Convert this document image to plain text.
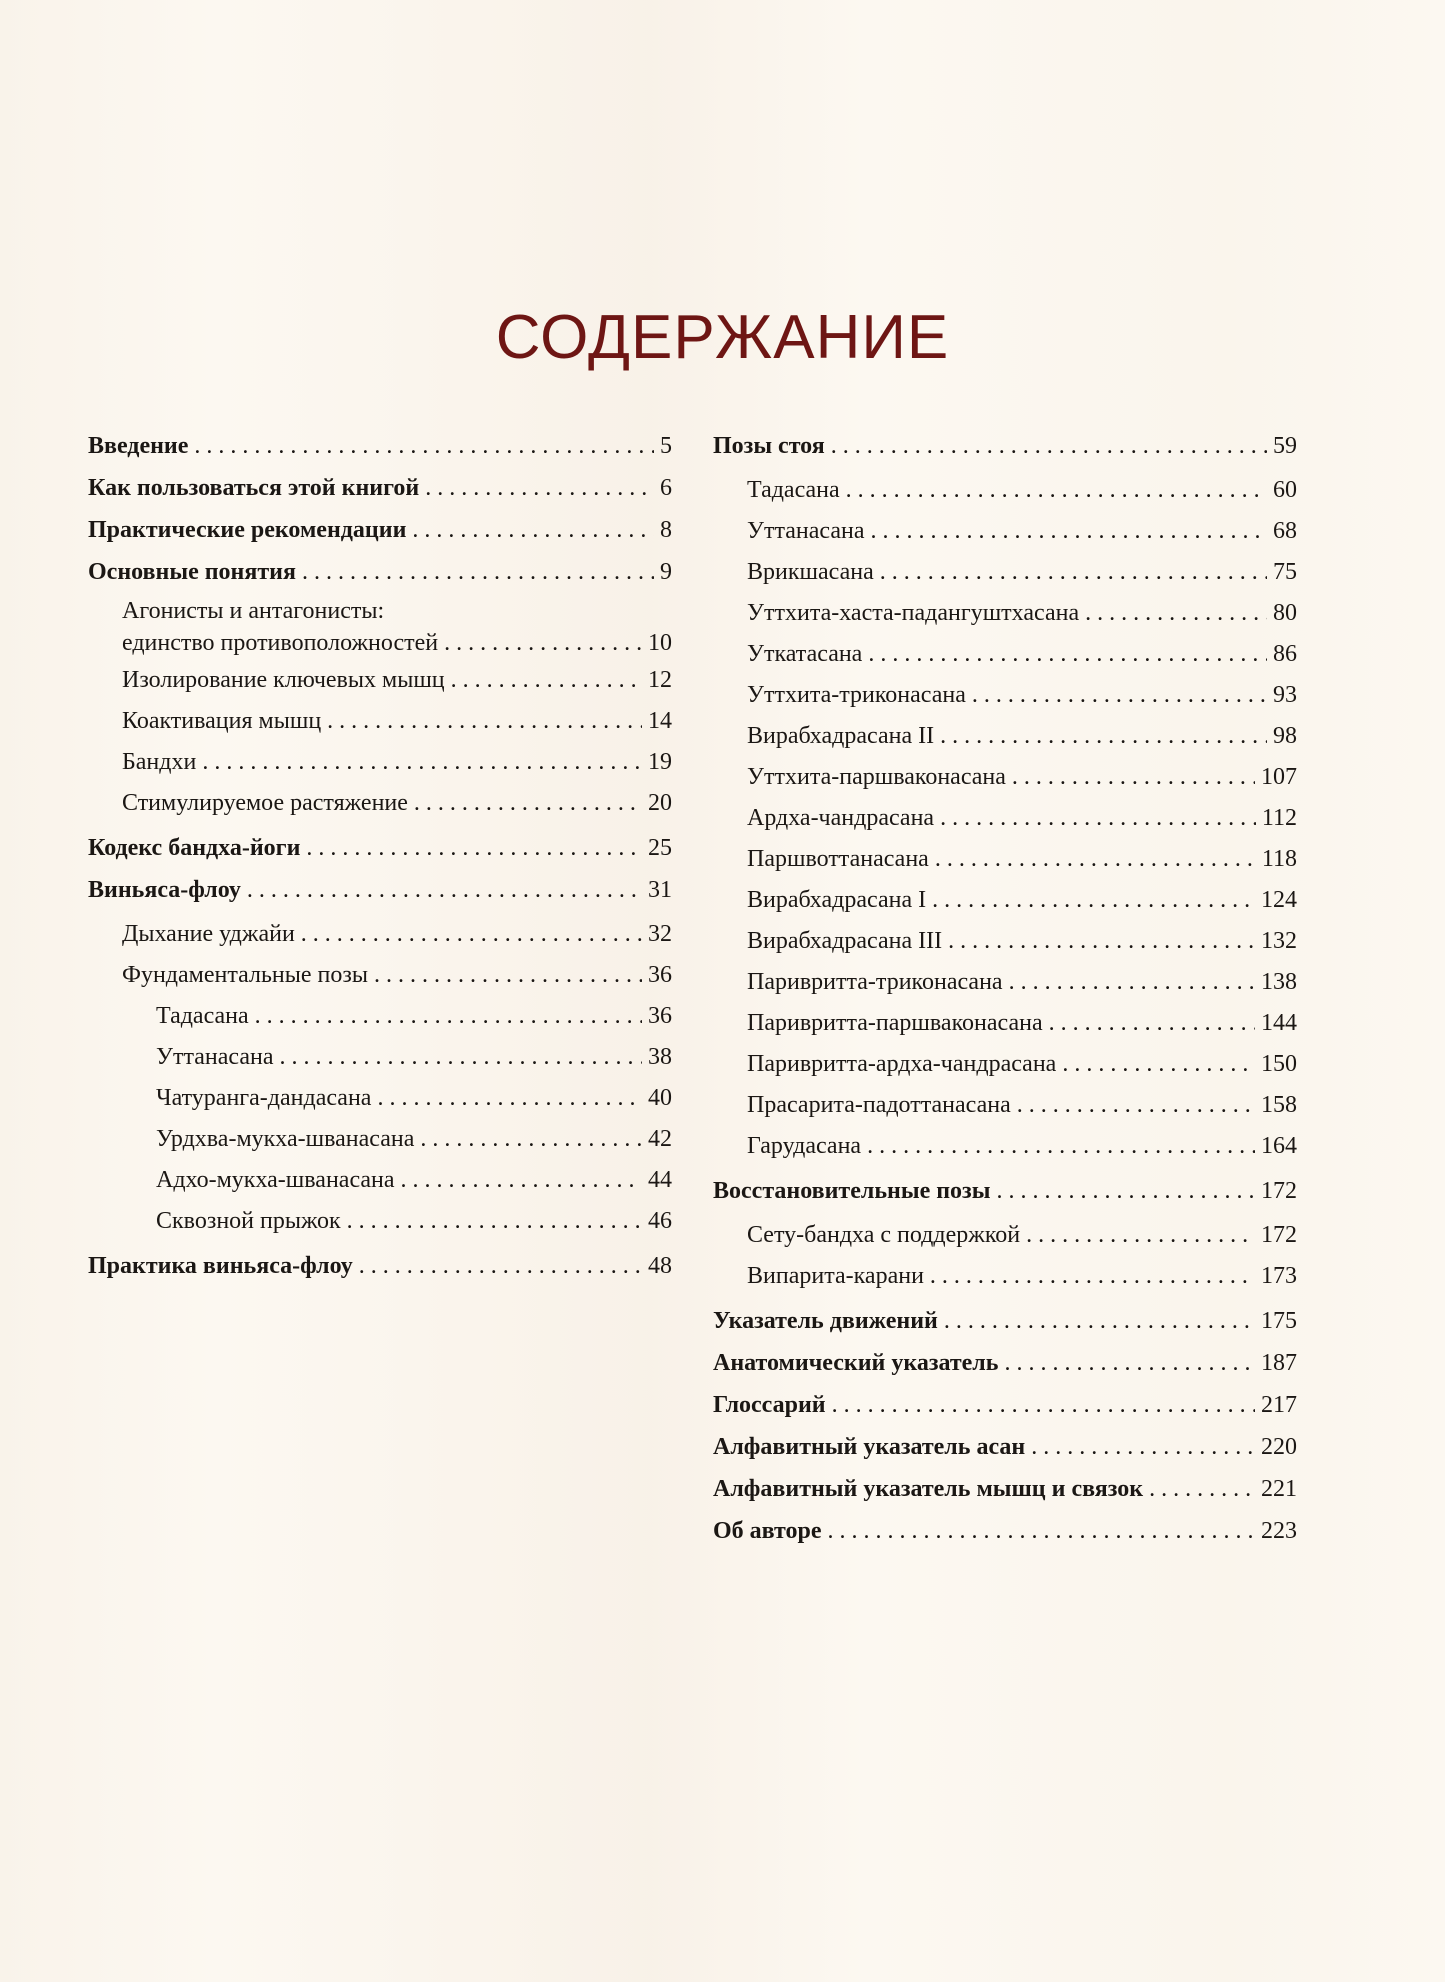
СОДЕРЖАНИЕ
Введение . . .	5
Как пользоваться этой книгой . . .	6
Практические рекомендации . . .	8
Основные понятия . . .	9
Агонисты и антагонисты:
единство противоположностей . . .	10
Изолирование ключевых мышц . . .	12
Коактивация мышц . . .	14
Бандхи . . .	19
Стимулируемое растяжение . . .	20
Кодекс бандха-йоги . . .	25
Виньяса-флоу . . .	31
Дыхание уджайи . . .	32
Фундаментальные позы . . .	36
Тадасана . . .	36
Уттанасана . . .	38
Чатуранга-дандасана . . .	40
Урдхва-мукха-шванасана . . .	42
Адхо-мукха-шванасана . . .	44
Сквозной прыжок . . .	46
Практика виньяса-флоу . . .	48
Позы стоя . . .	59
Тадасана . . .	60
Уттанасана . . .	68
Врикшасана . . .	75
Уттхита-хаста-падангуштхасана . . .	80
Уткатасана . . .	86
Уттхита-триконасана . . .	93
Вирабхадрасана II . . .	98
Уттхита-паршваконасана . . .	107
Ардха-чандрасана . . .	112
Паршвоттанасана . . .	118
Вирабхадрасана I . . .	124
Вирабхадрасана III . . .	132
Паривритта-триконасана . . .	138
Паривритта-паршваконасана . . .	144
Паривритта-ардха-чандрасана . . .	150
Прасарита-падоттанасана . . .	158
Гарудасана . . .	164
Восстановительные позы . . .	172
Сету-бандха с поддержкой . . .	172
Випарита-карани . . .	173
Указатель движений . . .	175
Анатомический указатель . . .	187
Глоссарий . . .	217
Алфавитный указатель асан . . .	220
Алфавитный указатель мышц и связок . . .	221
Об авторе . . .	223
